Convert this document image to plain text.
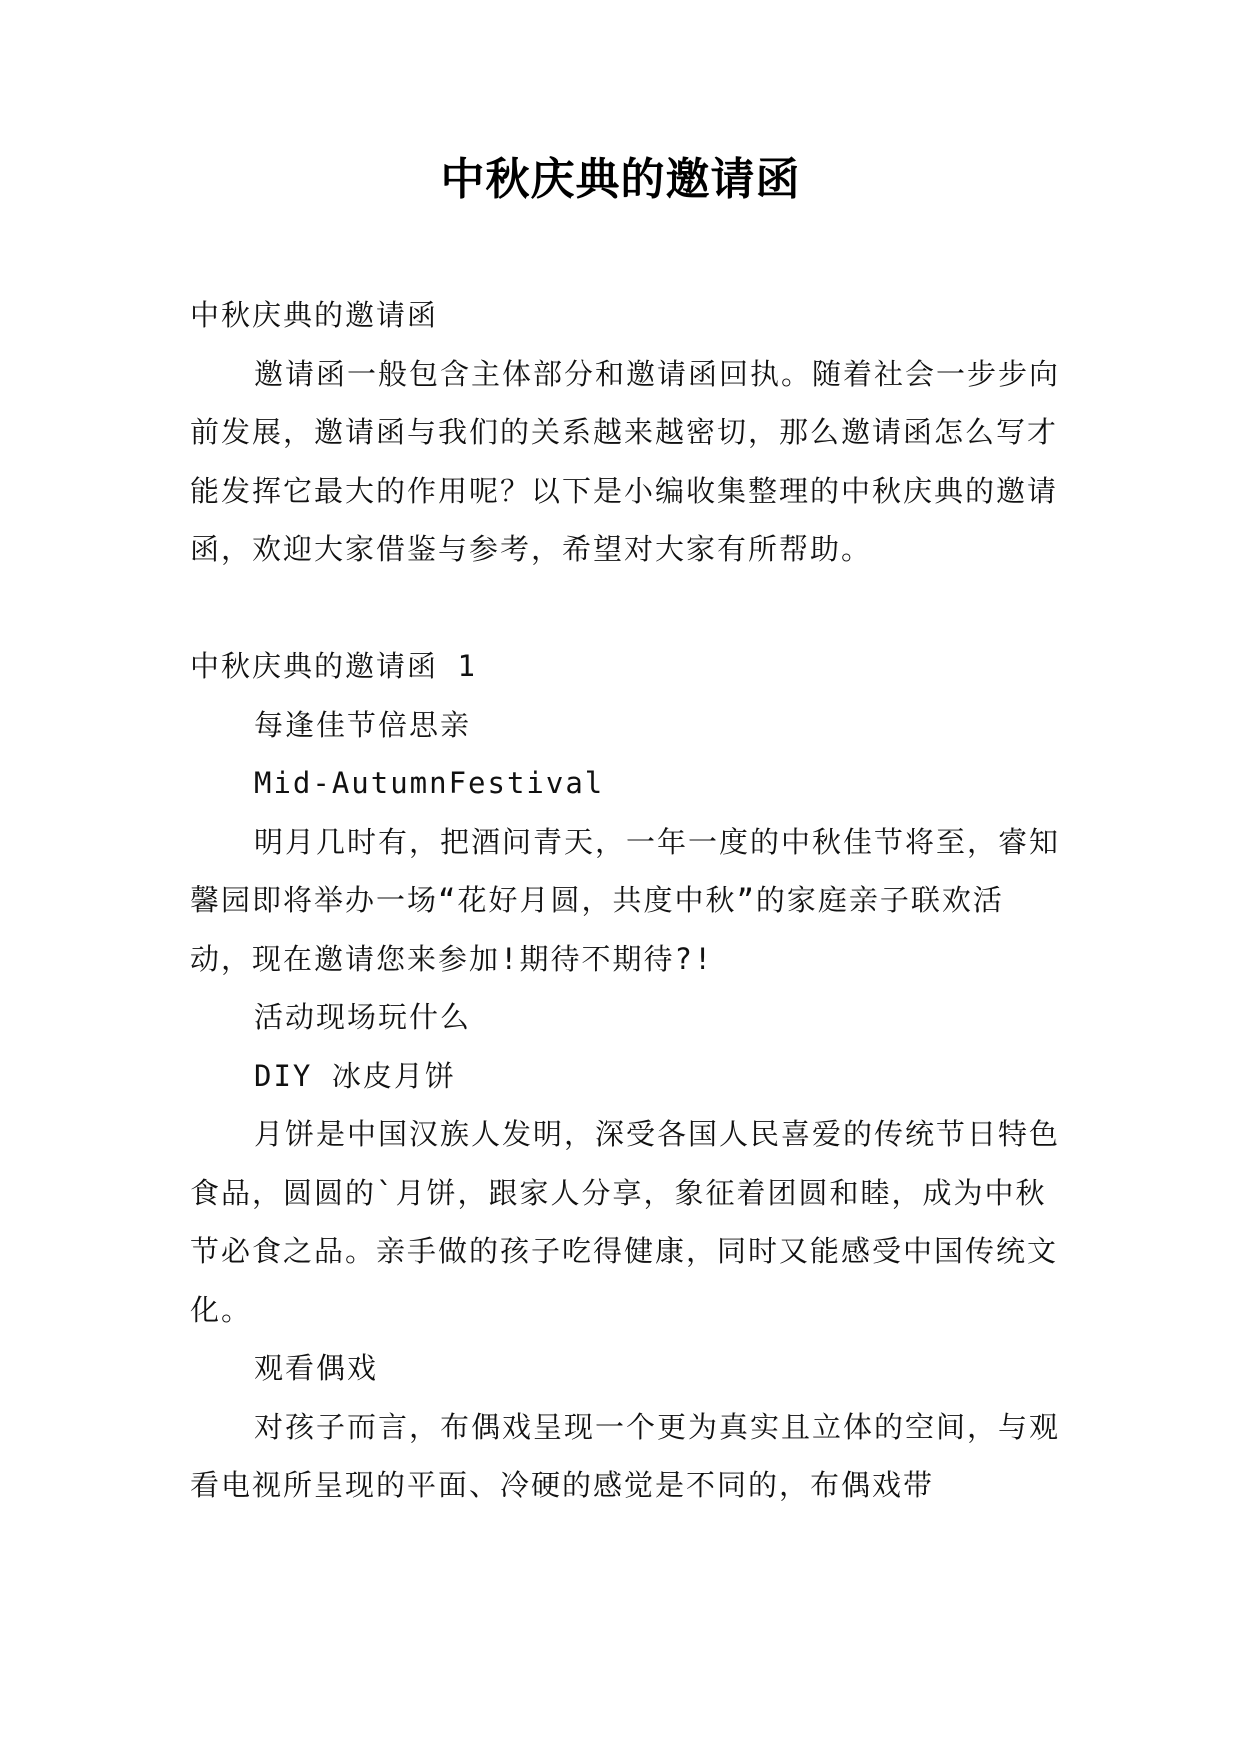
中秋庆典的邀请函

中秋庆典的邀请函

邀请函一般包含主体部分和邀请函回执。随着社会一步步向前发展，邀请函与我们的关系越来越密切，那么邀请函怎么写才能发挥它最大的作用呢？以下是小编收集整理的中秋庆典的邀请函，欢迎大家借鉴与参考，希望对大家有所帮助。

中秋庆典的邀请函 1

每逢佳节倍思亲

Mid-AutumnFestival

明月几时有，把酒问青天，一年一度的中秋佳节将至，睿知馨园即将举办一场“花好月圆，共度中秋”的家庭亲子联欢活动，现在邀请您来参加!期待不期待?!

活动现场玩什么

DIY 冰皮月饼

月饼是中国汉族人发明，深受各国人民喜爱的传统节日特色食品，圆圆的`月饼，跟家人分享，象征着团圆和睦，成为中秋节必食之品。亲手做的孩子吃得健康，同时又能感受中国传统文化。

观看偶戏

对孩子而言，布偶戏呈现一个更为真实且立体的空间，与观看电视所呈现的平面、冷硬的感觉是不同的，布偶戏带
